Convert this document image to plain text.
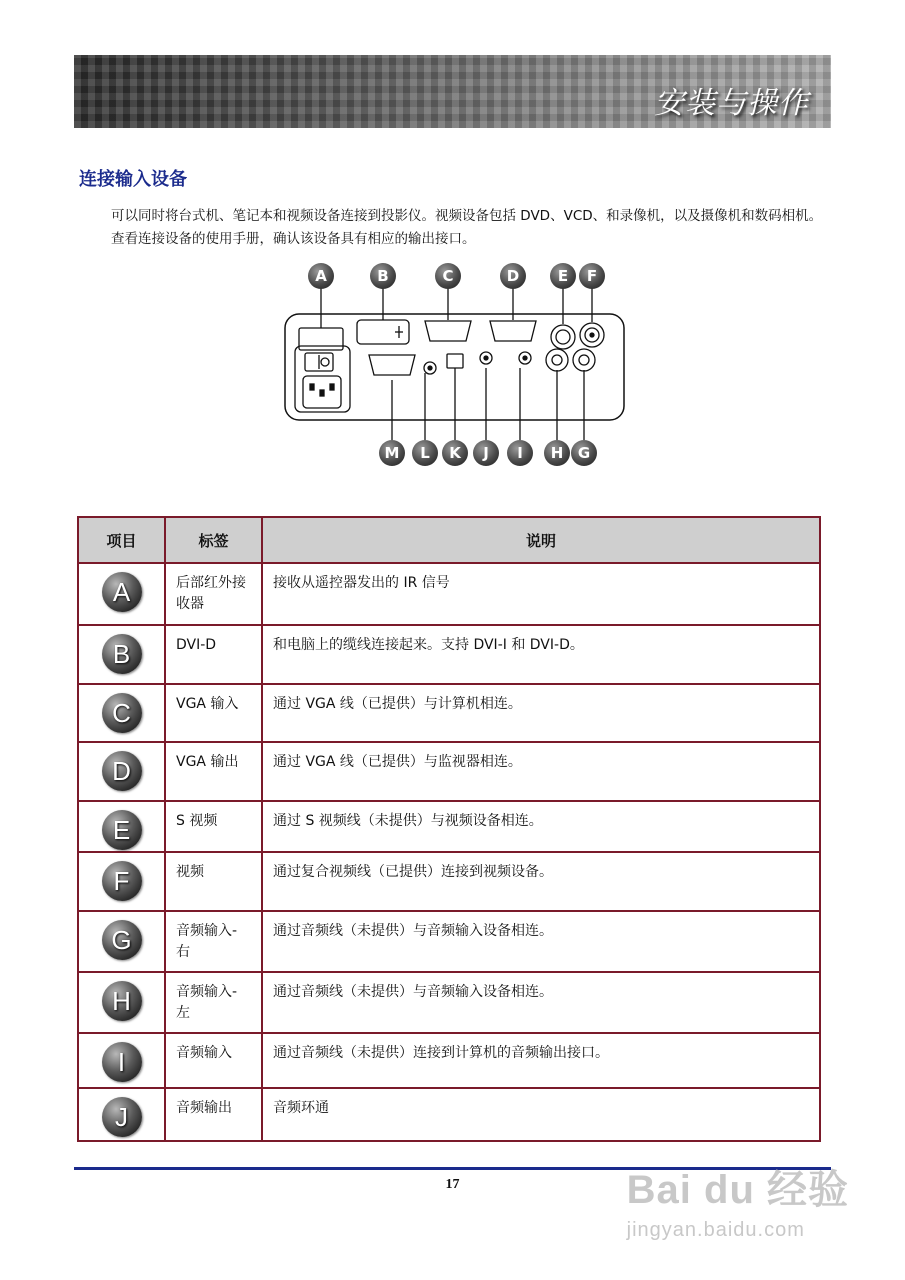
安装与操作
连接输入设备
可以同时将台式机、笔记本和视频设备连接到投影仪。视频设备包括 DVD、VCD、和录像机，以及摄像机和数码相机。查看连接设备的使用手册，确认该设备具有相应的输出接口。
A	B	C	D	E	F
M	L	K	J	I	H G
项目	标签	说明
A	后部红外接收器	接收从遥控器发出的 IR 信号
B	DVI-D	和电脑上的缆线连接起来。支持 DVI-I 和 DVI-D。
C	VGA 输入	通过 VGA 线（已提供）与计算机相连。
D	VGA 输出	通过 VGA 线（已提供）与监视器相连。
E	S 视频	通过 S 视频线（未提供）与视频设备相连。
F	视频	通过复合视频线（已提供）连接到视频设备。
G	音频输入-右	通过音频线（未提供）与音频输入设备相连。
H	音频输入-左	通过音频线（未提供）与音频输入设备相连。
I	音频输入	通过音频线（未提供）连接到计算机的音频输出接口。
J	音频输出	音频环通
17	Bai du 经验
jingyan.baidu.com
